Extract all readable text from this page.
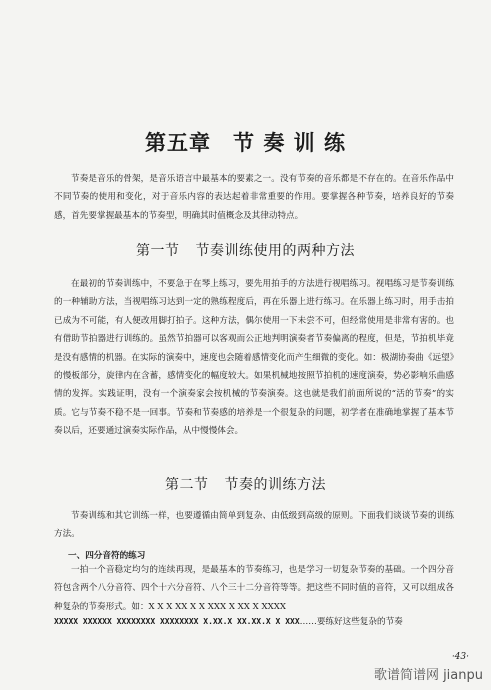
第五章 节 奏 训 练

节奏是音乐的骨架，是音乐语言中最基本的要素之一。没有节奏的音乐都是不存在的。在音乐作品中不同节奏的使用和变化，对于音乐内容的表达起着非常重要的作用。要掌握各种节奏，培养良好的节奏感，首先要掌握最基本的节奏型，明确其时值概念及其律动特点。

第一节 节奏训练使用的两种方法

在最初的节奏训练中，不要急于在琴上练习，要先用拍手的方法进行视唱练习。视唱练习是节奏训练的一种辅助方法，当视唱练习达到一定的熟练程度后，再在乐器上进行练习。在乐器上练习时，用手击拍已成为不可能，有人便改用脚打拍子。这种方法，偶尔使用一下未尝不可，但经常使用是非常有害的。也有借助节拍器进行训练的。虽然节拍器可以客观而公正地判明演奏者节奏偏离的程度，但是，节拍机毕竟是没有感情的机器。在实际的演奏中，速度也会随着感情变化而产生细微的变化。如：极湖协奏曲《远望》的慢板部分，旋律内在含蓄，感情变化的幅度较大。如果机械地按照节拍机的速度演奏，势必影响乐曲感情的发挥。实践证明，没有一个演奏家会按机械的节奏演奏。这也就是我们前面所说的“活的节奏”的实质。它与节奏不稳不是一回事。节奏和节奏感的培养是一个很复杂的问题，初学者在准确地掌握了基本节奏以后，还要通过演奏实际作品，从中慢慢体会。

第二节 节奏的训练方法

节奏训练和其它训练一样，也要遵循由简单到复杂、由低级到高级的原则。下面我们谈谈节奏的训练方法。

一、四分音符的练习

一拍一个音稳定均匀的连续再现，是最基本的节奏练习，也是学习一切复杂节奏的基础。一个四分音符包含两个八分音符、四个十六分音符、八个三十二分音符等等。把这些不同时值的音符，又可以组成各种复杂的节奏形式。如：X X X XX X X XXX X XX X XXXX

XXXXX XXXXXX XXXXXXXX XXXXXXXX X.XX.X XX.XX.X X XXX……要练好这些复杂的节奏
·43·
歌谱简谱网 jianpu
